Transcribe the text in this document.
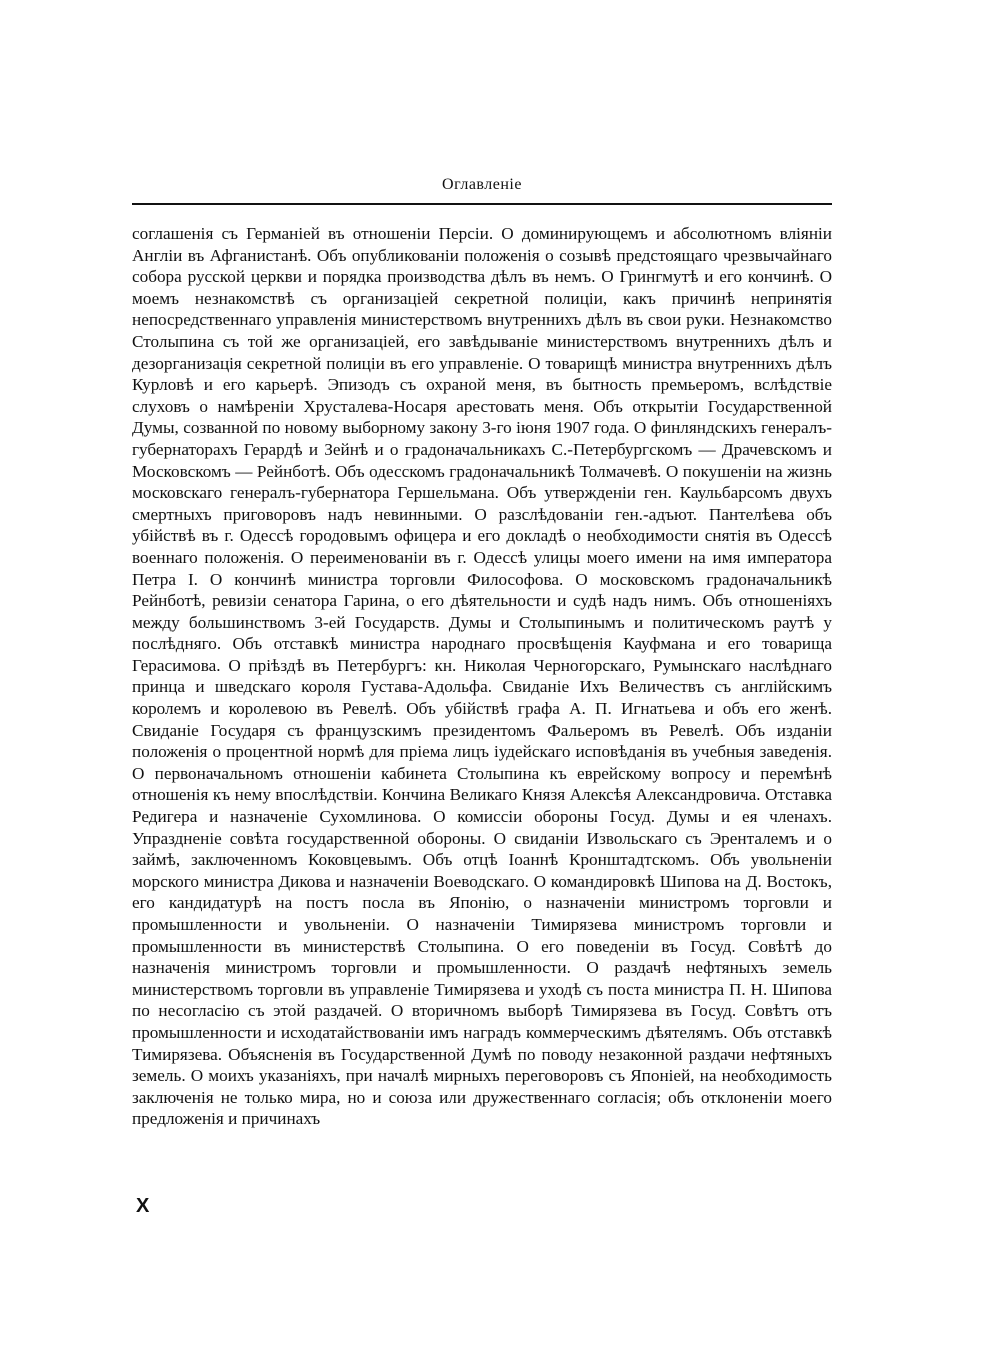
Оглавленіе

соглашенія съ Германіей въ отношеніи Персіи. О доминирующемъ и абсолютномъ вліяніи Англіи въ Афганистанѣ. Объ опубликованіи положенія о созывѣ предстоящаго чрезвычайнаго собора русской церкви и порядка производства дѣлъ въ немъ. О Грингмутѣ и его кончинѣ. О моемъ незнакомствѣ съ организаціей секретной полиціи, какъ причинѣ непринятія непосредственнаго управленія министерствомъ внутреннихъ дѣлъ въ свои руки. Незнакомство Столыпина съ той же организаціей, его завѣдываніе министерствомъ внутреннихъ дѣлъ и дезорганизація секретной полиціи въ его управленіе. О товарищѣ министра внутреннихъ дѣлъ Курловѣ и его карьерѣ. Эпизодъ съ охраной меня, въ бытность премьеромъ, вслѣдствіе слуховъ о намѣреніи Хрусталева-Носаря арестовать меня. Объ открытіи Государственной Думы, созванной по новому выборному закону 3-го іюня 1907 года. О финляндскихъ генералъ-губернаторахъ Герардѣ и Зейнѣ и о градоначальникахъ С.-Петербургскомъ — Драчевскомъ и Московскомъ — Рейнботѣ. Объ одесскомъ градоначальникѣ Толмачевѣ. О покушеніи на жизнь московскаго генералъ-губернатора Гершельмана. Объ утвержденіи ген. Каульбарсомъ двухъ смертныхъ приговоровъ надъ невинными. О разслѣдованіи ген.-адъют. Пантелѣева объ убійствѣ въ г. Одессѣ городовымъ офицера и его докладѣ о необходимости снятія въ Одессѣ военнаго положенія. О переименованіи въ г. Одессѣ улицы моего имени на имя императора Петра I. О кончинѣ министра торговли Философова. О московскомъ градоначальникѣ Рейнботѣ, ревизіи сенатора Гарина, о его дѣятельности и судѣ надъ нимъ. Объ отношеніяхъ между большинствомъ 3-ей Государств. Думы и Столыпинымъ и политическомъ раутѣ у послѣдняго. Объ отставкѣ министра народнаго просвѣщенія Кауфмана и его товарища Герасимова. О пріѣздѣ въ Петербургъ: кн. Николая Черногорскаго, Румынскаго наслѣднаго принца и шведскаго короля Густава-Адольфа. Свиданіе Ихъ Величествъ съ англійскимъ королемъ и королевою въ Ревелѣ. Объ убійствѣ графа А. П. Игнатьева и объ его женѣ. Свиданіе Государя съ французскимъ президентомъ Фальеромъ въ Ревелѣ. Объ изданіи положенія о процентной нормѣ для пріема лицъ іудейскаго исповѣданія въ учебныя заведенія. О первоначальномъ отношеніи кабинета Столыпина къ еврейскому вопросу и перемѣнѣ отношенія къ нему впослѣдствіи. Кончина Великаго Князя Алексѣя Александровича. Отставка Редигера и назначеніе Сухомлинова. О комиссіи обороны Госуд. Думы и ея членахъ. Упраздненіе совѣта государственной обороны. О свиданіи Извольскаго съ Эренталемъ и о займѣ, заключенномъ Коковцевымъ. Объ отцѣ Іоаннѣ Кронштадтскомъ. Объ увольненіи морского министра Дикова и назначеніи Воеводскаго. О командировкѣ Шипова на Д. Востокъ, его кандидатурѣ на постъ посла въ Японію, о назначеніи министромъ торговли и промышленности и увольненіи. О назначеніи Тимирязева министромъ торговли и промышленности въ министерствѣ Столыпина. О его поведеніи въ Госуд. Совѣтѣ до назначенія министромъ торговли и промышленности. О раздачѣ нефтяныхъ земель министерствомъ торговли въ управленіе Тимирязева и уходѣ съ поста министра П. Н. Шипова по несогласію съ этой раздачей. О вторичномъ выборѣ Тимирязева въ Госуд. Совѣтъ отъ промышленности и исходатайствованіи имъ наградъ коммерческимъ дѣятелямъ. Объ отставкѣ Тимирязева. Объясненія въ Государственной Думѣ по поводу незаконной раздачи нефтяныхъ земель. О моихъ указаніяхъ, при началѣ мирныхъ переговоровъ съ Японіей, на необходимость заключенія не только мира, но и союза или дружественнаго согласія; объ отклоненіи моего предложенія и причинахъ

X
